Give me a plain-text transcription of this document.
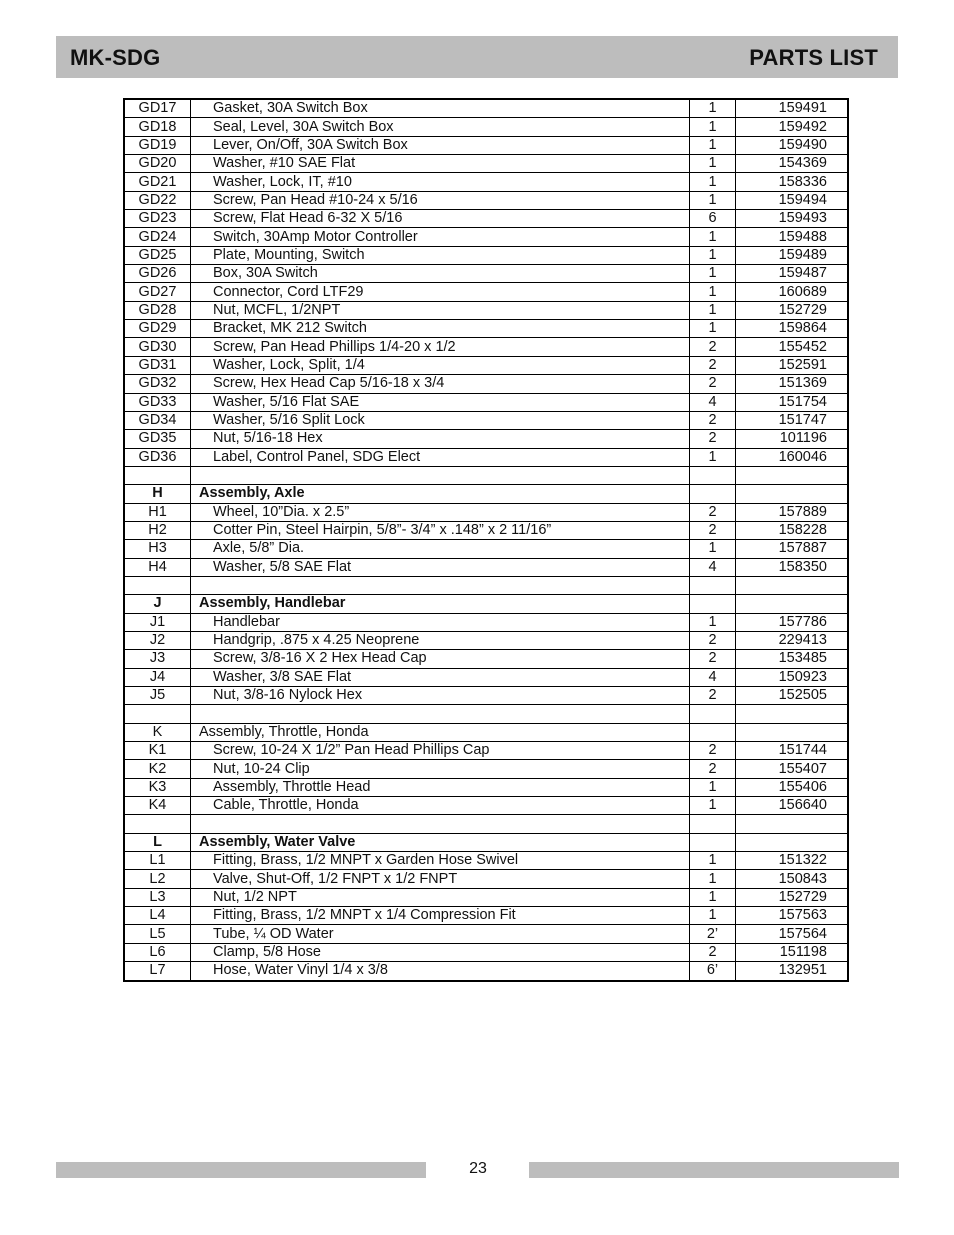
MK-SDG	PARTS LIST
GD17	Gasket, 30A Switch Box	1	159491
GD18	Seal, Level, 30A Switch Box	1	159492
GD19	Lever, On/Off, 30A Switch Box	1	159490
GD20	Washer, #10 SAE Flat	1	154369
GD21	Washer, Lock, IT, #10	1	158336
GD22	Screw, Pan Head #10-24 x 5/16	1	159494
GD23	Screw, Flat Head 6-32 X 5/16	6	159493
GD24	Switch, 30Amp Motor Controller	1	159488
GD25	Plate, Mounting, Switch	1	159489
GD26	Box, 30A Switch	1	159487
GD27	Connector, Cord LTF29	1	160689
GD28	Nut, MCFL, 1/2NPT	1	152729
GD29	Bracket, MK 212 Switch	1	159864
GD30	Screw, Pan Head Phillips 1/4-20 x 1/2	2	155452
GD31	Washer, Lock, Split, 1/4	2	152591
GD32	Screw, Hex Head Cap 5/16-18 x 3/4	2	151369
GD33	Washer, 5/16 Flat SAE	4	151754
GD34	Washer, 5/16 Split Lock	2	151747
GD35	Nut, 5/16-18 Hex	2	101196
GD36	Label, Control Panel, SDG Elect	1	160046

H	Assembly, Axle		
H1	Wheel, 10”Dia. x 2.5”	2	157889
H2	Cotter Pin, Steel Hairpin, 5/8”- 3/4” x .148” x 2 11/16”	2	158228
H3	Axle, 5/8” Dia.	1	157887
H4	Washer, 5/8 SAE Flat	4	158350

J	Assembly, Handlebar		
J1	Handlebar	1	157786
J2	Handgrip, .875 x 4.25 Neoprene	2	229413
J3	Screw, 3/8-16 X 2 Hex Head Cap	2	153485
J4	Washer, 3/8 SAE Flat	4	150923
J5	Nut, 3/8-16 Nylock Hex	2	152505

K	Assembly, Throttle, Honda		
K1	Screw, 10-24 X 1/2” Pan Head Phillips Cap	2	151744
K2	Nut, 10-24 Clip	2	155407
K3	Assembly, Throttle Head	1	155406
K4	Cable, Throttle, Honda	1	156640

L	Assembly, Water Valve		
L1	Fitting, Brass, 1/2 MNPT x Garden Hose Swivel	1	151322
L2	Valve, Shut-Off, 1/2 FNPT x 1/2 FNPT	1	150843
L3	Nut, 1/2 NPT	1	152729
L4	Fitting, Brass, 1/2 MNPT x 1/4 Compression Fit	1	157563
L5	Tube, ¼ OD Water	2’	157564
L6	Clamp, 5/8 Hose	2	151198
L7	Hose, Water Vinyl 1/4 x 3/8	6’	132951
23
